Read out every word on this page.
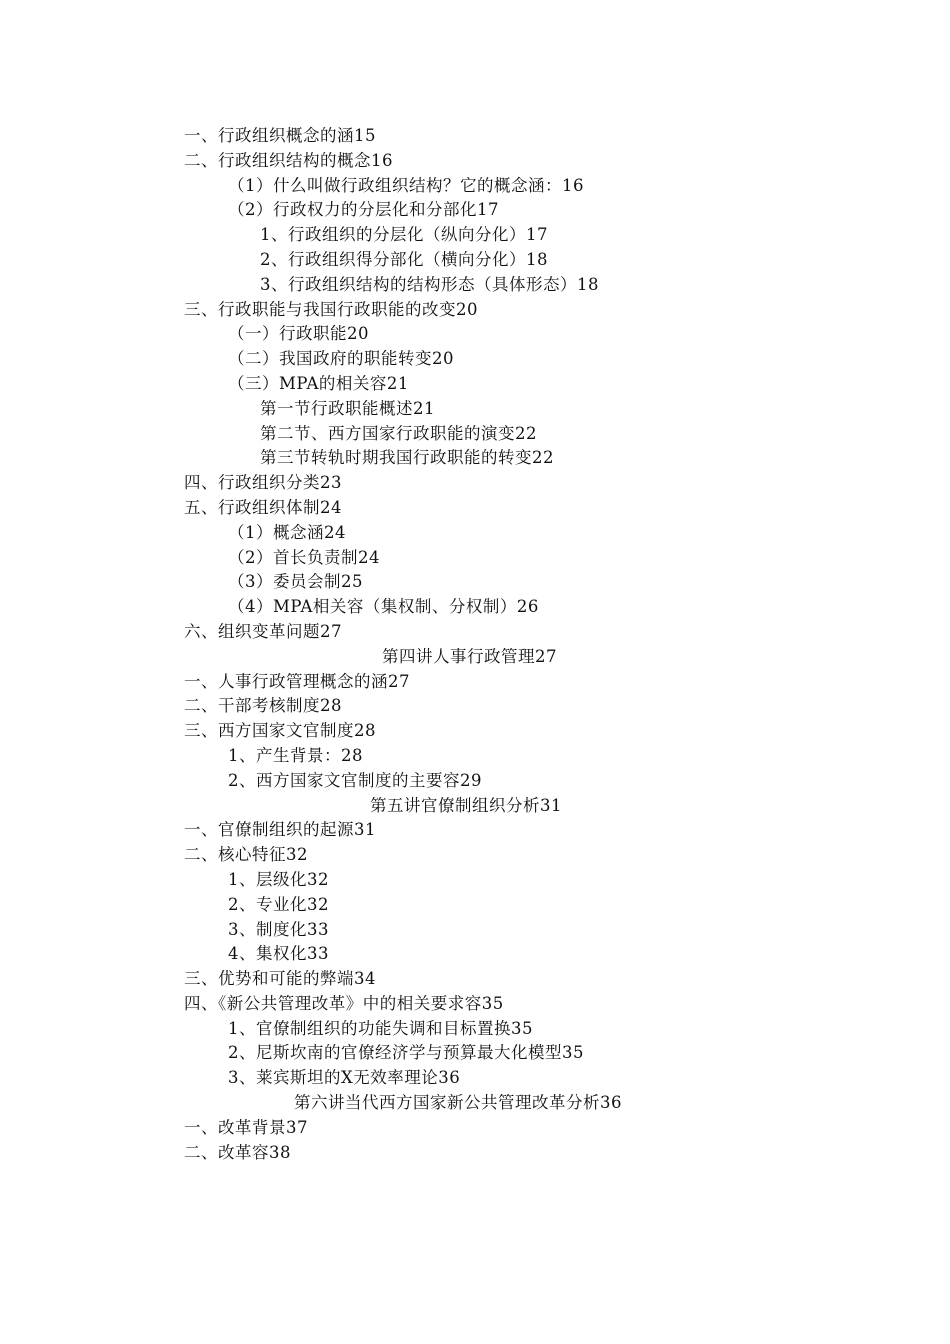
一、行政组织概念的涵15
二、行政组织结构的概念16
（1）什么叫做行政组织结构？它的概念涵：16
（2）行政权力的分层化和分部化17
1、行政组织的分层化（纵向分化）17
2、行政组织得分部化（横向分化）18
3、行政组织结构的结构形态（具体形态）18
三、行政职能与我国行政职能的改变20
（一）行政职能20
（二）我国政府的职能转变20
（三）MPA的相关容21
第一节行政职能概述21
第二节、西方国家行政职能的演变22
第三节转轨时期我国行政职能的转变22
四、行政组织分类23
五、行政组织体制24
（1）概念涵24
（2）首长负责制24
（3）委员会制25
（4）MPA相关容（集权制、分权制）26
六、组织变革问题27
第四讲人事行政管理27
一、人事行政管理概念的涵27
二、干部考核制度28
三、西方国家文官制度28
1、产生背景：28
2、西方国家文官制度的主要容29
第五讲官僚制组织分析31
一、官僚制组织的起源31
二、核心特征32
1、层级化32
2、专业化32
3、制度化33
4、集权化33
三、优势和可能的弊端34
四、《新公共管理改革》中的相关要求容35
1、官僚制组织的功能失调和目标置换35
2、尼斯坎南的官僚经济学与预算最大化模型35
3、莱宾斯坦的X无效率理论36
第六讲当代西方国家新公共管理改革分析36
一、改革背景37
二、改革容38
